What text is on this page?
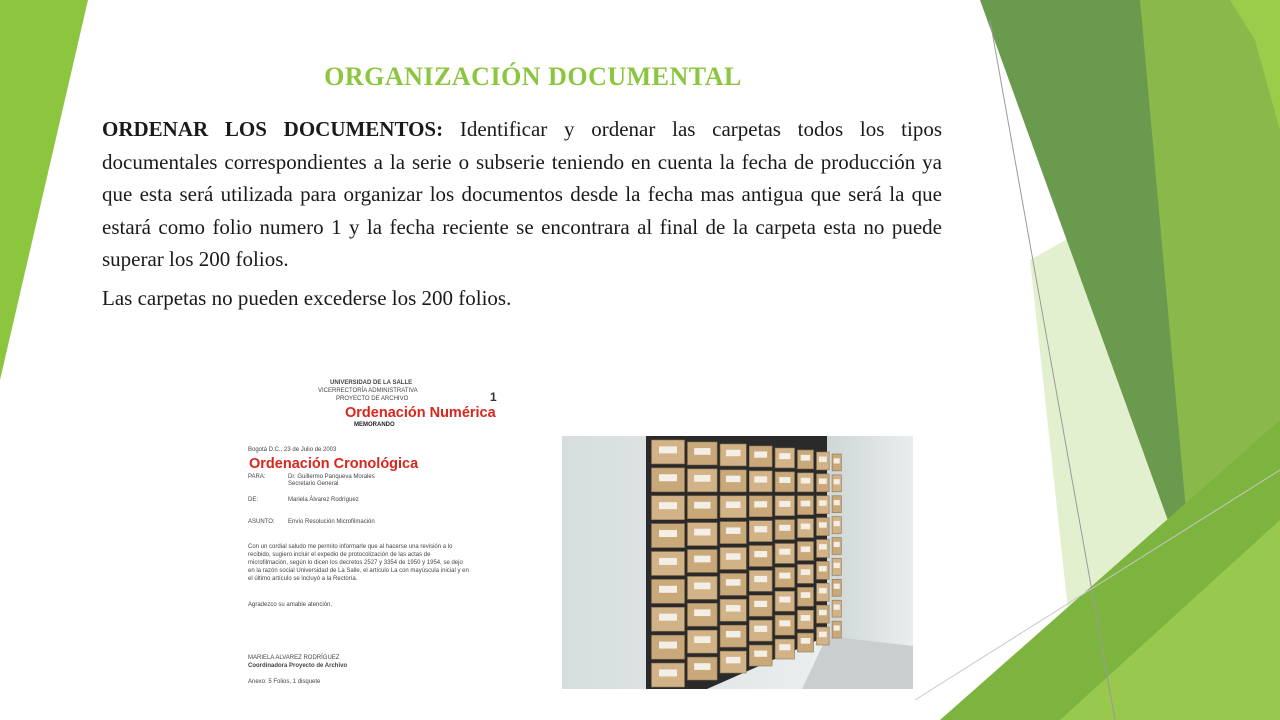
ORGANIZACIÓN DOCUMENTAL

ORDENAR LOS DOCUMENTOS: Identificar y ordenar las carpetas todos los tipos documentales correspondientes a la serie o subserie teniendo en cuenta la fecha de producción ya que esta será utilizada para organizar los documentos desde la fecha mas antigua que será la que estará como folio numero 1 y la fecha reciente se encontrara al final de la carpeta esta no puede superar los 200 folios.

Las carpetas no pueden excederse los 200 folios.

UNIVERSIDAD DE LA SALLE
VICERRECTORÍA ADMINISTRATIVA
PROYECTO DE ARCHIVO	1
Ordenación Numérica
MEMORANDO
Bogotá D.C., 23 de Julio de 2003
Ordenación Cronológica
PARA:	Dr. Guillermo Panqueva Morales
Secretario General
DE:	Mariela Álvarez Rodríguez
ASUNTO: Envío Resolución Microfilmación
Con un cordial saludo me permito informarle que al hacerse una revisión a lo
recibido, sugiero incluir el expedio de protocolización de las actas de
microfilmación, según lo dicen los decretos 2527 y 3354 de 1950 y 1954, se dejo
en la razón social Universidad de La Salle, el artículo La con mayúscula inicial y en
el último artículo se incluyó a la Rectoría.
Agradezco su amable atención,
MARIELA ALVAREZ RODRÍGUEZ
Coordinadora Proyecto de Archivo
Anexo: 5 Folios, 1 disquete
